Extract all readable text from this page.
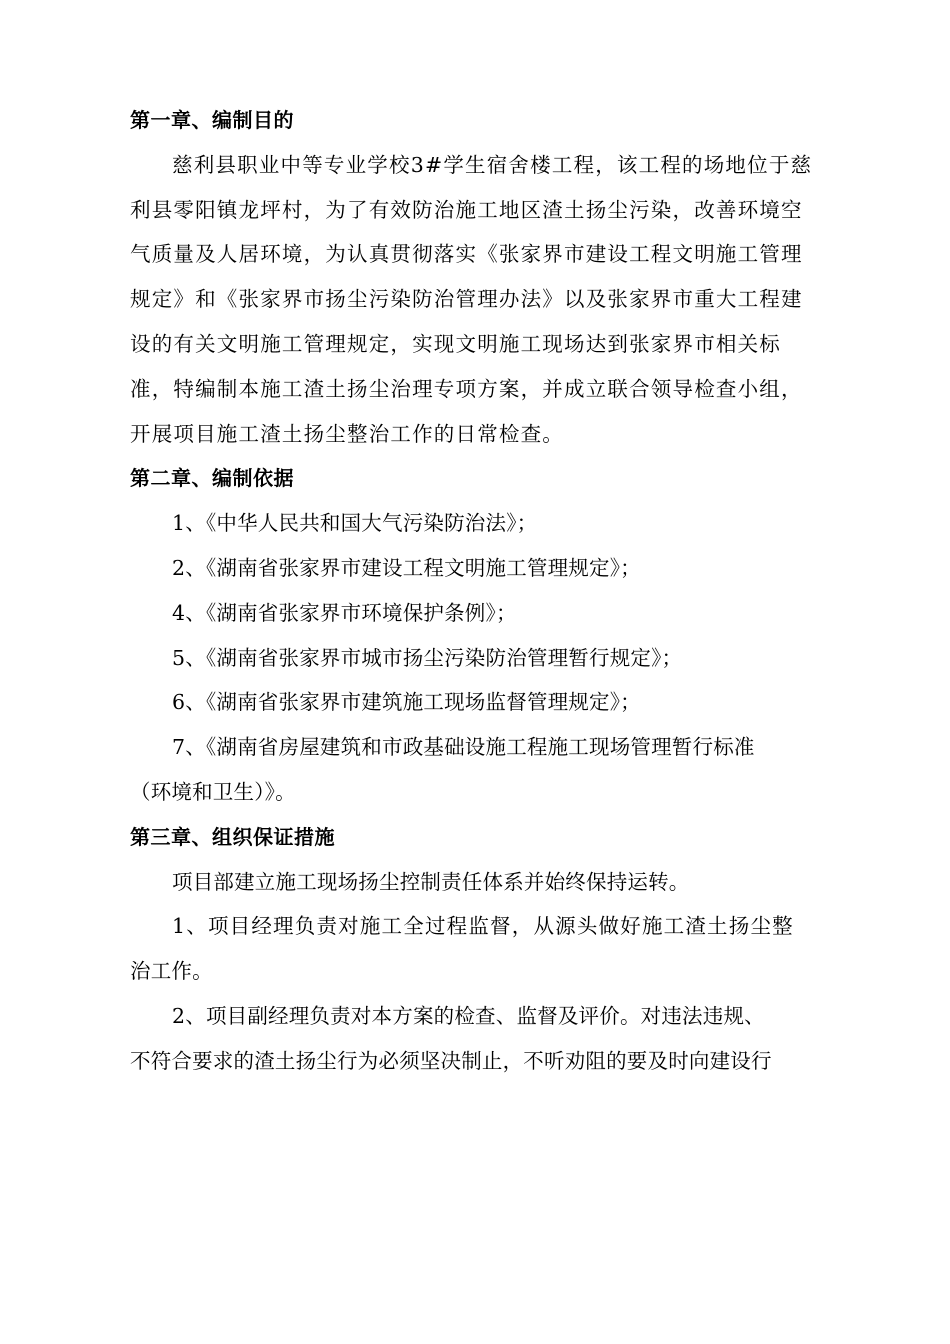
第一章、编制目的
慈利县职业中等专业学校3#学生宿舍楼工程，该工程的场地位于慈
利县零阳镇龙坪村，为了有效防治施工地区渣土扬尘污染，改善环境空
气质量及人居环境，为认真贯彻落实《张家界市建设工程文明施工管理
规定》和《张家界市扬尘污染防治管理办法》以及张家界市重大工程建
设的有关文明施工管理规定，实现文明施工现场达到张家界市相关标
准，特编制本施工渣土扬尘治理专项方案，并成立联合领导检查小组，
开展项目施工渣土扬尘整治工作的日常检查。
第二章、编制依据
1、《中华人民共和国大气污染防治法》；
2、《湖南省张家界市建设工程文明施工管理规定》；
4、《湖南省张家界市环境保护条例》；
5、《湖南省张家界市城市扬尘污染防治管理暂行规定》；
6、《湖南省张家界市建筑施工现场监督管理规定》；
7、《湖南省房屋建筑和市政基础设施工程施工现场管理暂行标准
（环境和卫生）》。
第三章、组织保证措施
项目部建立施工现场扬尘控制责任体系并始终保持运转。
1、项目经理负责对施工全过程监督，从源头做好施工渣土扬尘整
治工作。
2、项目副经理负责对本方案的检查、监督及评价。对违法违规、
不符合要求的渣土扬尘行为必须坚决制止，不听劝阻的要及时向建设行
